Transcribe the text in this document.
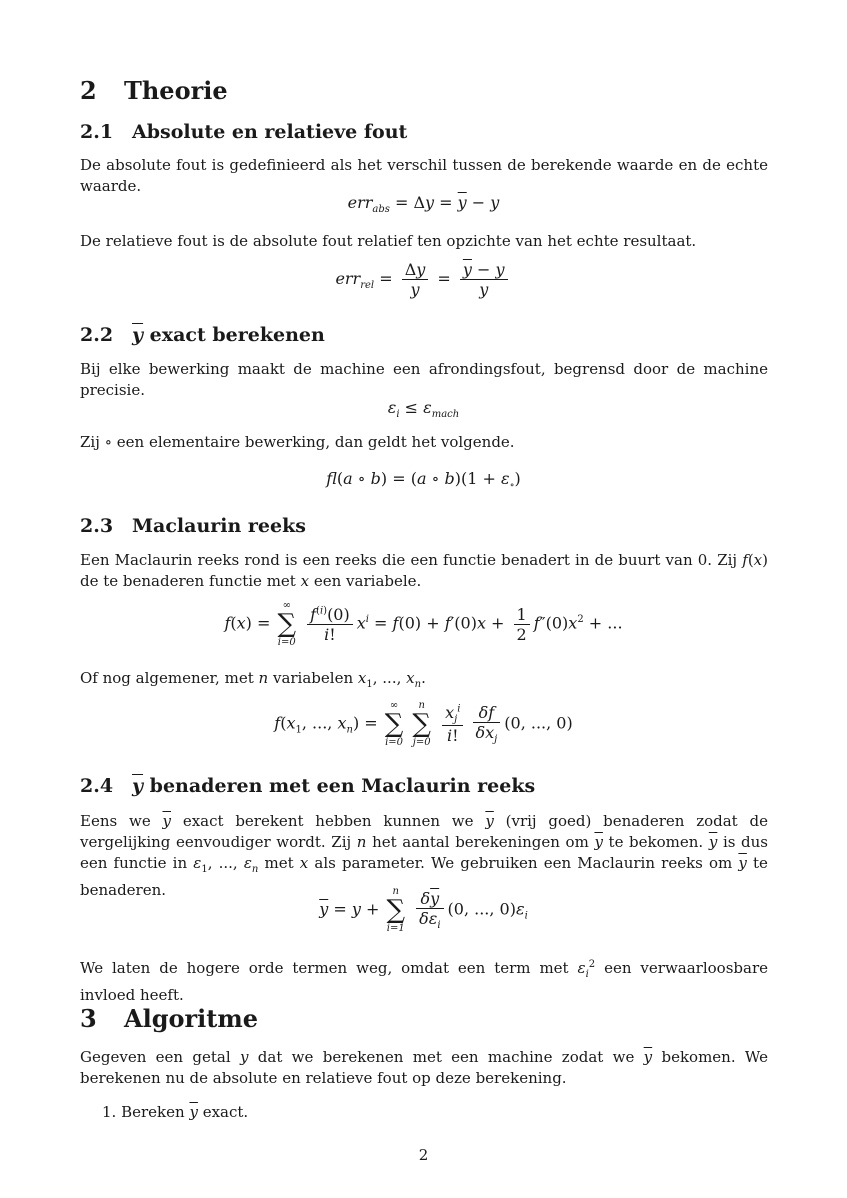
2 Theorie
2.1 Absolute en relatieve fout
De absolute fout is gedefinieerd als het verschil tussen de berekende waarde en de echte waarde.
$err_{abs} = \Delta y = \overline{y} - y$
De relatieve fout is de absolute fout relatief ten opzichte van het echte resultaat.
$err_{rel} = \frac{\Delta y}{y} = \frac{\overline{y} - y}{y}$
2.2 $\overline{y}$ exact berekenen
Bij elke bewerking maakt de machine een afrondingsfout, begrensd door de machine precisie.
$\varepsilon_i \le \varepsilon_{mach}$
Zij ∘ een elementaire bewerking, dan geldt het volgende.
fl(a ∘ b) = (a ∘ $b)(1 + \varepsilon_\circ)$
2.3 Maclaurin reeks
Een Maclaurin reeks rond is een reeks die een functie benadert in de buurt van 0. Zij f(x) de te benaderen functie met x een variabele.
f(x) =
∞
∑
i=0
$\frac{f^{(i)}(0)}{i!} x^i = f(0) + f'(0)x + \frac{1}{2} f''(0)x^2$ + ...
Of nog algemener, met n variabelen $x_1$, ..., $x_n$.
$f(x_1$, ..., $x_n$) =
∞
∑
i=0

n
∑
j=0
$\frac{x_j^i}{i!}$
$\frac{\delta f}{\delta x_j} (0$, ..., 0)
2.4 $\overline{y}$ benaderen met een Maclaurin reeks
Eens we $\overline{y}$ exact berekent hebben kunnen we $\overline{y}$ (vrij goed) benaderen zodat de vergelijking eenvoudiger wordt. Zij n het aantal berekeningen om $\overline{y}$ te bekomen. $\overline{y}$ is dus een functie in $\varepsilon_1$, ..., $\varepsilon_n$ met x als parameter. We gebruiken een Maclaurin reeks om $\overline{y}$ te benaderen.
$\overline{y} = y$ +
n
∑
i=1
$\frac{\delta\overline{y}}{\delta\varepsilon_i} (0$, ..., $0)\varepsilon_i$
We laten de hogere orde termen weg, omdat een term met $\varepsilon_i^2$ een verwaarloosbare invloed heeft.
3 Algoritme
Gegeven een getal y dat we berekenen met een machine zodat we $\overline{y}$ bekomen. We berekenen nu de absolute en relatieve fout op deze berekening.
1. Bereken $\overline{y}$ exact.
2
